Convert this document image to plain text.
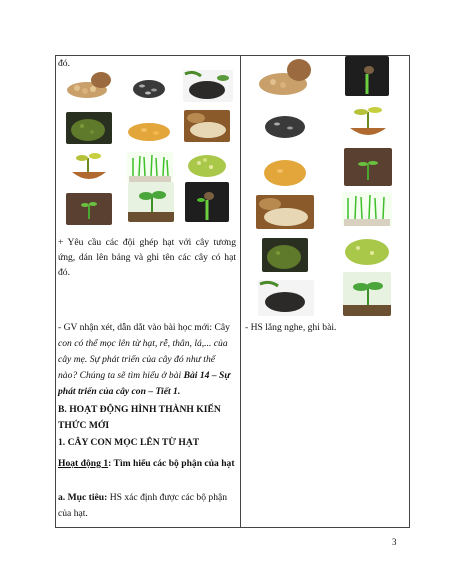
đó.
+ Yêu cầu các đội ghép hạt với cây tương ứng, dán lên bảng và ghi tên các cây có hạt đó.
- GV nhận xét, dẫn dắt vào bài học mới: Cây
con có thể mọc lên từ hạt, rễ, thân, lá,... của
cây mẹ. Sự phát triển của cây đó như thế
nào? Chúng ta sẽ tìm hiểu ở bài Bài 14 – Sự phát triển của cây con – Tiết 1.
B. HOẠT ĐỘNG HÌNH THÀNH KIẾN THỨC MỚI
1. CÂY CON MỌC LÊN TỪ HẠT
Hoạt động 1: Tìm hiểu các bộ phận của hạt
a. Mục tiêu: HS xác định được các bộ phận của hạt.
- HS lắng nghe, ghi bài.
3
